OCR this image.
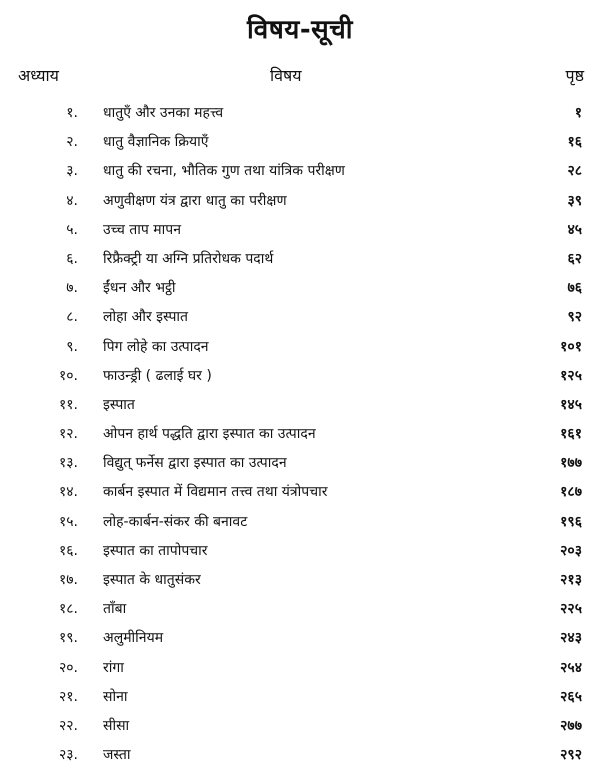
विषय-सूची
अध्याय	विषय	पृष्ठ
१. धातुएँ और उनका महत्त्व	१
२. धातु वैज्ञानिक क्रियाएँ	१६
३. धातु की रचना, भौतिक गुण तथा यांत्रिक परीक्षण	२८
४. अणुवीक्षण यंत्र द्वारा धातु का परीक्षण	३९
५. उच्च ताप मापन	४५
६. रिफ्रैक्ट्री या अग्नि प्रतिरोधक पदार्थ	६२
७. ईंधन और भट्ठी	७६
८. लोहा और इस्पात	९२
९. पिग लोहे का उत्पादन	१०१
१०. फाउन्ड्री ( ढलाई घर )	१२५
११. इस्पात	१४५
१२. ओपन हार्थ पद्धति द्वारा इस्पात का उत्पादन	१६१
१३. विद्युत् फर्नेस द्वारा इस्पात का उत्पादन	१७७
१४. कार्बन इस्पात में विद्यमान तत्त्व तथा यंत्रोपचार	१८७
१५. लोह-कार्बन-संकर की बनावट	१९६
१६. इस्पात का तापोपचार	२०३
१७. इस्पात के धातुसंकर	२१३
१८. ताँबा	२२५
१९. अलुमीनियम	२४३
२०. रांगा	२५४
२१. सोना	२६५
२२. सीसा	२७७
२३. जस्ता	२९२
